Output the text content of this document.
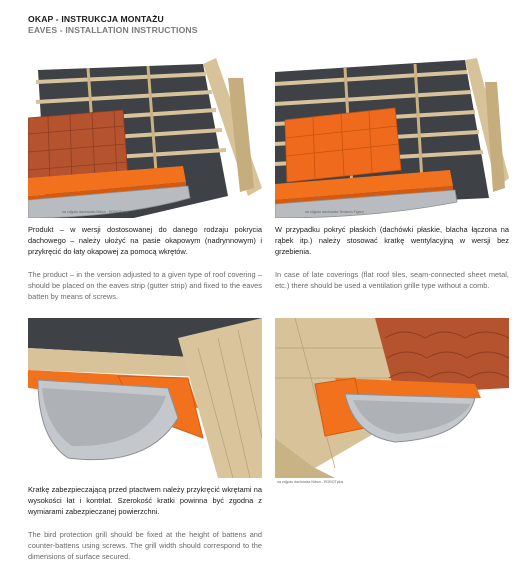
OKAP - INSTRUKCJA MONTAŻU
EAVES - INSTALLATION INSTRUCTIONS
na zdjęciu dachówka Nibon - ROBOTplus	na zdjęciu dachówka Teviarch Figaro

Produkt – w wersji dostosowanej do danego rodzaju pokrycia dachowego – należy ułożyć na pasie okapowym (nadrynnowym) i przykręcić do łaty okapowej za pomocą wkrętów.

The product – in the version adjusted to a given type of roof covering – should be placed on the eaves strip (gutter strip) and fixed to the eaves batten by means of screws.

W przypadku pokryć płaskich (dachówki płaskie, blacha łączona na rąbek itp.) należy stosować kratkę wentylacyjną w wersji bez grzebienia.

In case of late coverings (flat roof tiles, seam-connected sheet metal, etc.) there should be used a ventilation grille type without a comb.

na zdjęciu dachówka Nibon - ROBOTplus

Kratkę zabezpieczającą przed ptactwem należy przykręcić wkrętami na wysokości łat i kontrłat. Szerokość kratki powinna być zgodna z wymiarami zabezpieczanej powierzchni.

The bird protection grill should be fixed at the height of battens and counter-battens using screws. The grill width should correspond to the dimensions of surface secured.
